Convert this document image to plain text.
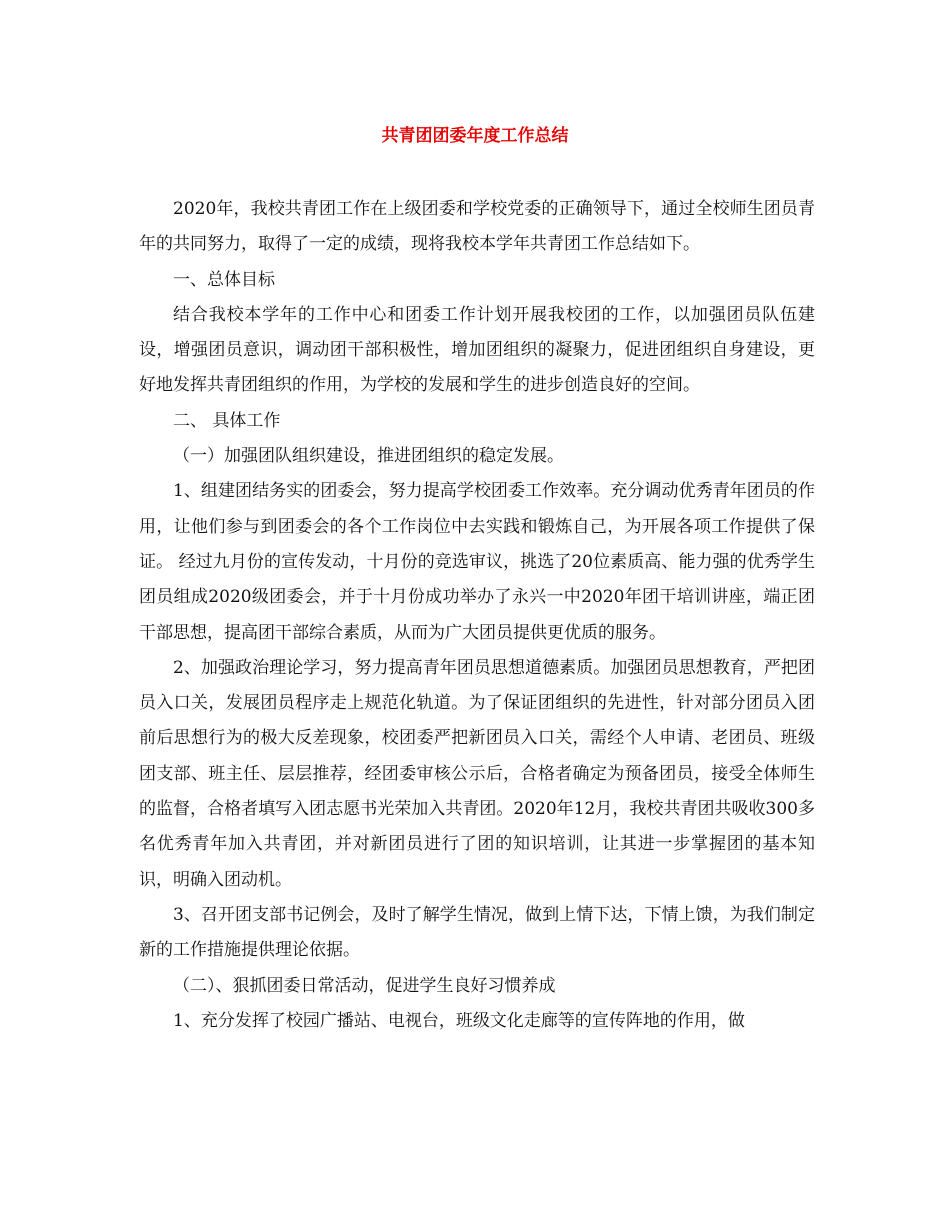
共青团团委年度工作总结

2020年，我校共青团工作在上级团委和学校党委的正确领导下，通过全校师生团员青年的共同努力，取得了一定的成绩，现将我校本学年共青团工作总结如下。

一、总体目标

结合我校本学年的工作中心和团委工作计划开展我校团的工作，以加强团员队伍建设，增强团员意识，调动团干部积极性，增加团组织的凝聚力，促进团组织自身建设，更好地发挥共青团组织的作用，为学校的发展和学生的进步创造良好的空间。

二、 具体工作

（一）加强团队组织建设，推进团组织的稳定发展。

1、组建团结务实的团委会，努力提高学校团委工作效率。充分调动优秀青年团员的作用，让他们参与到团委会的各个工作岗位中去实践和锻炼自己，为开展各项工作提供了保证。 经过九月份的宣传发动，十月份的竞选审议，挑选了20位素质高、能力强的优秀学生团员组成2020级团委会，并于十月份成功举办了永兴一中2020年团干培训讲座，端正团干部思想，提高团干部综合素质，从而为广大团员提供更优质的服务。

2、加强政治理论学习，努力提高青年团员思想道德素质。加强团员思想教育，严把团员入口关，发展团员程序走上规范化轨道。为了保证团组织的先进性，针对部分团员入团前后思想行为的极大反差现象，校团委严把新团员入口关，需经个人申请、老团员、班级团支部、班主任、层层推荐，经团委审核公示后，合格者确定为预备团员，接受全体师生的监督，合格者填写入团志愿书光荣加入共青团。2020年12月，我校共青团共吸收300多名优秀青年加入共青团，并对新团员进行了团的知识培训，让其进一步掌握团的基本知识，明确入团动机。

3、召开团支部书记例会，及时了解学生情况，做到上情下达，下情上馈，为我们制定新的工作措施提供理论依据。

（二）、狠抓团委日常活动，促进学生良好习惯养成

1、充分发挥了校园广播站、电视台，班级文化走廊等的宣传阵地的作用，做
